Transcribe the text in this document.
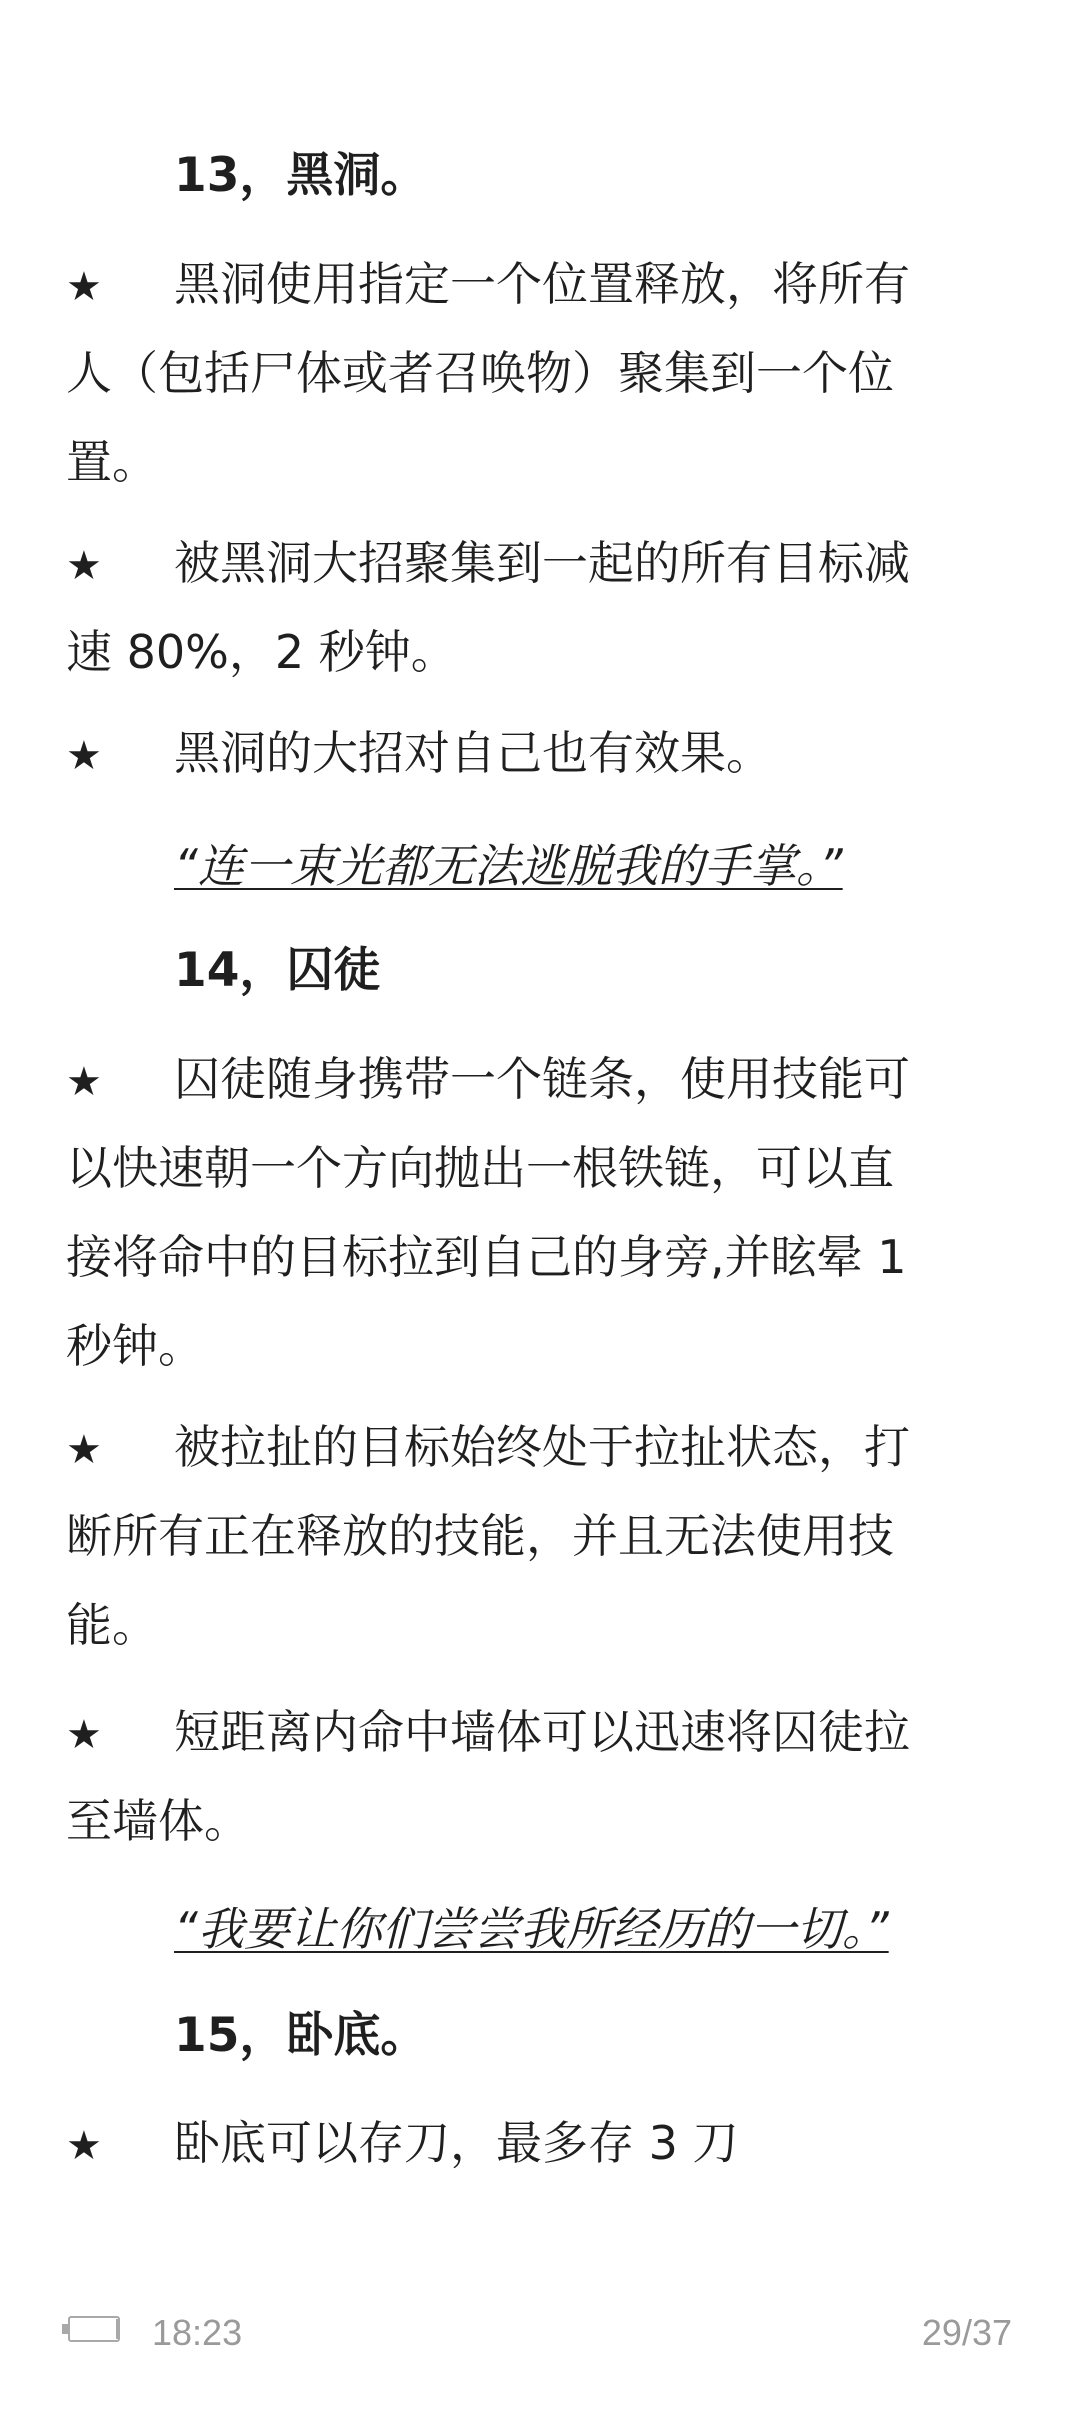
13，黑洞。
★ 黑洞使用指定一个位置释放，将所有
人（包括尸体或者召唤物）聚集到一个位
置。
★ 被黑洞大招聚集到一起的所有目标减
速 80%，2 秒钟。
★ 黑洞的大招对自己也有效果。
“连一束光都无法逃脱我的手掌。”
14，囚徒
★ 囚徒随身携带一个链条，使用技能可
以快速朝一个方向抛出一根铁链，可以直
接将命中的目标拉到自己的身旁,并眩晕 1
秒钟。
★ 被拉扯的目标始终处于拉扯状态，打
断所有正在释放的技能，并且无法使用技
能。
★ 短距离内命中墙体可以迅速将囚徒拉
至墙体。
“我要让你们尝尝我所经历的一切。”
15，卧底。
★ 卧底可以存刀，最多存 3 刀
18:23	29/37
